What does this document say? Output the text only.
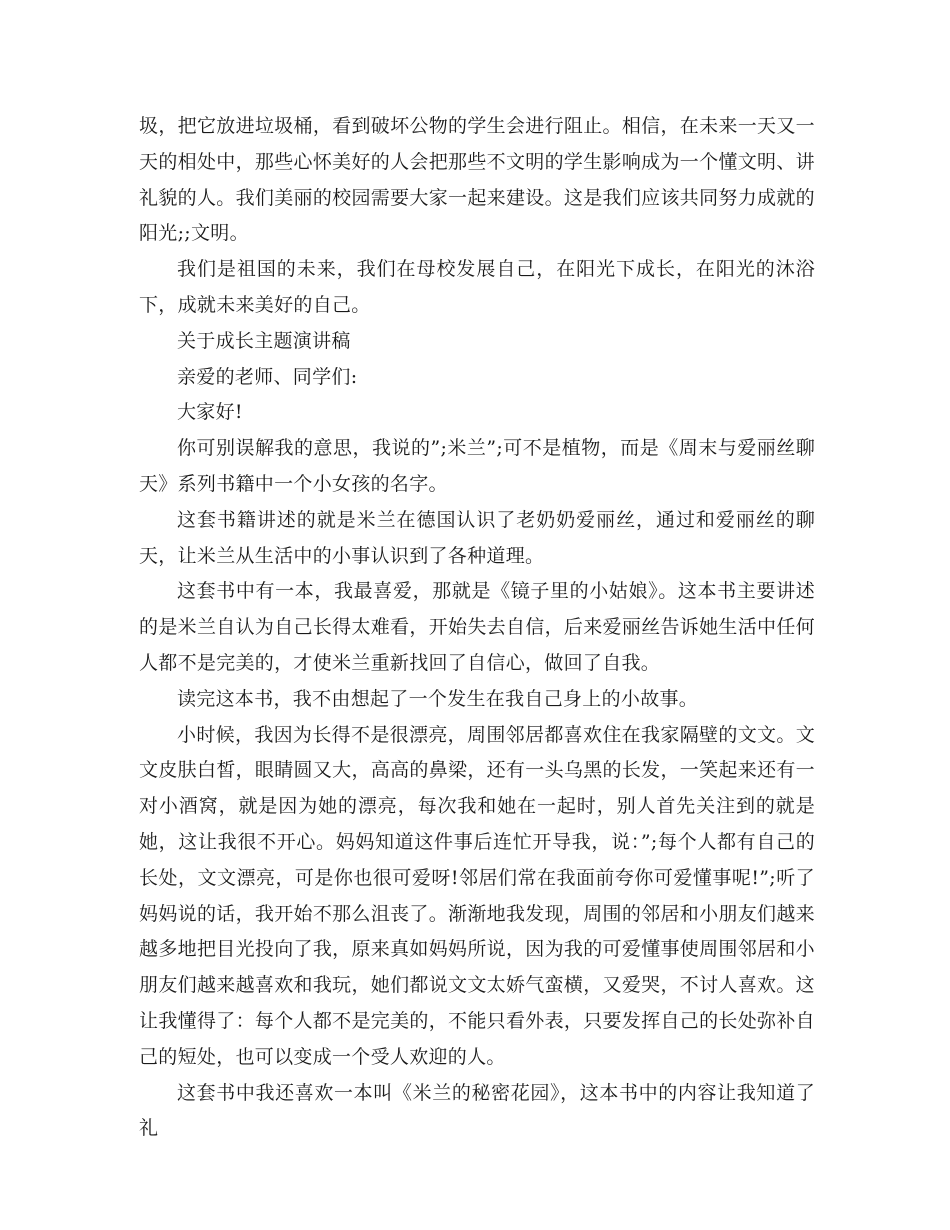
圾，把它放进垃圾桶，看到破坏公物的学生会进行阻止。相信，在未来一天又一天的相处中，那些心怀美好的人会把那些不文明的学生影响成为一个懂文明、讲礼貌的人。我们美丽的校园需要大家一起来建设。这是我们应该共同努力成就的阳光;;文明。

我们是祖国的未来，我们在母校发展自己，在阳光下成长，在阳光的沐浴下，成就未来美好的自己。

关于成长主题演讲稿

亲爱的老师、同学们:

大家好!

你可别误解我的意思，我说的”;米兰”;可不是植物，而是《周末与爱丽丝聊天》系列书籍中一个小女孩的名字。

这套书籍讲述的就是米兰在德国认识了老奶奶爱丽丝，通过和爱丽丝的聊天，让米兰从生活中的小事认识到了各种道理。

这套书中有一本，我最喜爱，那就是《镜子里的小姑娘》。这本书主要讲述的是米兰自认为自己长得太难看，开始失去自信，后来爱丽丝告诉她生活中任何人都不是完美的，才使米兰重新找回了自信心，做回了自我。

读完这本书，我不由想起了一个发生在我自己身上的小故事。

小时候，我因为长得不是很漂亮，周围邻居都喜欢住在我家隔壁的文文。文文皮肤白皙，眼睛圆又大，高高的鼻梁，还有一头乌黑的长发，一笑起来还有一对小酒窝，就是因为她的漂亮，每次我和她在一起时，别人首先关注到的就是她，这让我很不开心。妈妈知道这件事后连忙开导我，说：”;每个人都有自己的长处，文文漂亮，可是你也很可爱呀!邻居们常在我面前夸你可爱懂事呢!”;听了妈妈说的话，我开始不那么沮丧了。渐渐地我发现，周围的邻居和小朋友们越来越多地把目光投向了我，原来真如妈妈所说，因为我的可爱懂事使周围邻居和小朋友们越来越喜欢和我玩，她们都说文文太娇气蛮横，又爱哭，不讨人喜欢。这让我懂得了：每个人都不是完美的，不能只看外表，只要发挥自己的长处弥补自己的短处，也可以变成一个受人欢迎的人。

这套书中我还喜欢一本叫《米兰的秘密花园》，这本书中的内容让我知道了礼
